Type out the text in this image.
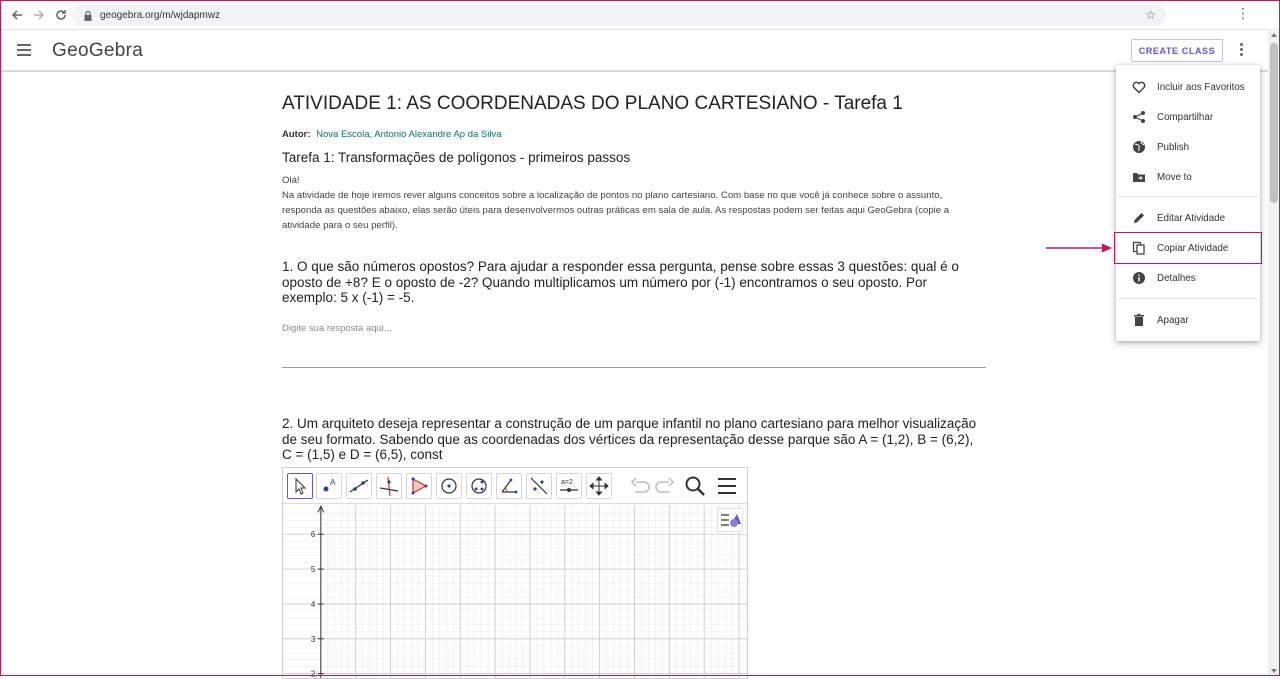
geogebra.org/m/wjdapmwz	☆	⋮
GeoGebra	CREATE CLASS
ATIVIDADE 1: AS COORDENADAS DO PLANO CARTESIANO - Tarefa 1
Autor: Nova Escola, Antonio Alexandre Ap da Silva
Tarefa 1: Transformações de polígonos - primeiros passos
Olá!
Na atividade de hoje iremos rever alguns conceitos sobre a localização de pontos no plano cartesiano. Com base no que você já conhece sobre o assunto, responda as questões abaixo, elas serão úteis para desenvolvermos outras práticas em sala de aula. As respostas podem ser feitas aqui GeoGebra (copie a atividade para o seu perfil).
1. O que são números opostos? Para ajudar a responder essa pergunta, pense sobre essas 3 questões: qual é o oposto de +8? E o oposto de -2? Quando multiplicamos um número por (-1) encontramos o seu oposto. Por exemplo: 5 x (-1) = -5.
Digite sua resposta aqui...
2. Um arquiteto deseja representar a construção de um parque infantil no plano cartesiano para melhor visualização de seu formato. Sabendo que as coordenadas dos vértices da representação desse parque são A = (1,2), B = (6,2), C = (1,5) e D = (6,5), const
A	a=2
6
5
4
3
2
Incluir aos Favoritos
Compartilhar
Publish
Move to
Editar Atividade
Copiar Atividade
Detalhes
Apagar
